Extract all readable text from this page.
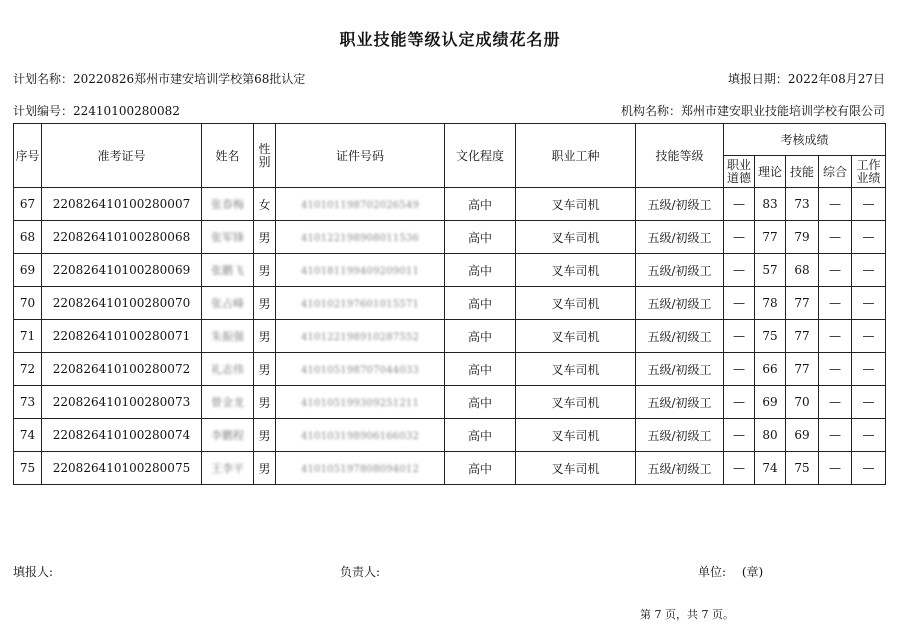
职业技能等级认定成绩花名册
计划名称：20220826郑州市建安培训学校第68批认定	填报日期：2022年08月27日
计划编号：22410100280082	机构名称：郑州市建安职业技能培训学校有限公司
序号	准考证号	姓名	性别	证件号码	文化程度	职业工种	技能等级	考核成绩				
								职业道德	理论	技能	综合	工作业绩
67	220826410100280007	张春梅	女	410101198702026549	高中	叉车司机	五级/初级工	—	83	73	—	—
68	220826410100280068	张军锋	男	410122198908011536	高中	叉车司机	五级/初级工	—	77	79	—	—
69	220826410100280069	张鹏飞	男	410181199409209011	高中	叉车司机	五级/初级工	—	57	68	—	—
70	220826410100280070	张占峰	男	410102197601015571	高中	叉车司机	五级/初级工	—	78	77	—	—
71	220826410100280071	朱振强	男	410122198910287552	高中	叉车司机	五级/初级工	—	75	77	—	—
72	220826410100280072	礼志伟	男	410105198707044033	高中	叉车司机	五级/初级工	—	66	77	—	—
73	220826410100280073	曾金龙	男	410105199309251211	高中	叉车司机	五级/初级工	—	69	70	—	—
74	220826410100280074	李鹏程	男	410103198906166032	高中	叉车司机	五级/初级工	—	80	69	—	—
75	220826410100280075	王李平	男	410105197808094012	高中	叉车司机	五级/初级工	—	74	75	—	—
填报人:	负责人:	单位: (章)
第 7 页，共 7 页。
